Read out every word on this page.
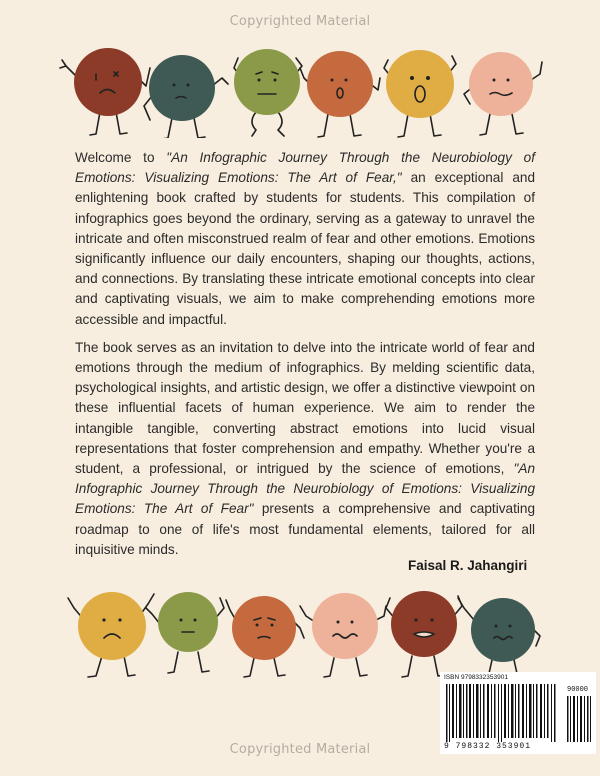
Copyrighted Material

Welcome to "An Infographic Journey Through the Neurobiology of Emotions: Visualizing Emotions: The Art of Fear," an exceptional and enlightening book crafted by students for students. This compilation of infographics goes beyond the ordinary, serving as a gateway to unravel the intricate and often misconstrued realm of fear and other emotions. Emotions significantly influence our daily encounters, shaping our thoughts, actions, and connections. By translating these intricate emotional concepts into clear and captivating visuals, we aim to make comprehending emotions more accessible and impactful.

The book serves as an invitation to delve into the intricate world of fear and emotions through the medium of infographics. By melding scientific data, psychological insights, and artistic design, we offer a distinctive viewpoint on these influential facets of human experience. We aim to render the intangible tangible, converting abstract emotions into lucid visual representations that foster comprehension and empathy. Whether you're a student, a professional, or intrigued by the science of emotions, "An Infographic Journey Through the Neurobiology of Emotions: Visualizing Emotions: The Art of Fear" presents a comprehensive and captivating roadmap to one of life's most fundamental elements, tailored for all inquisitive minds.

Faisal R. Jahangiri
ISBN 9798332353901
90000
9 798332 353901
Copyrighted Material
